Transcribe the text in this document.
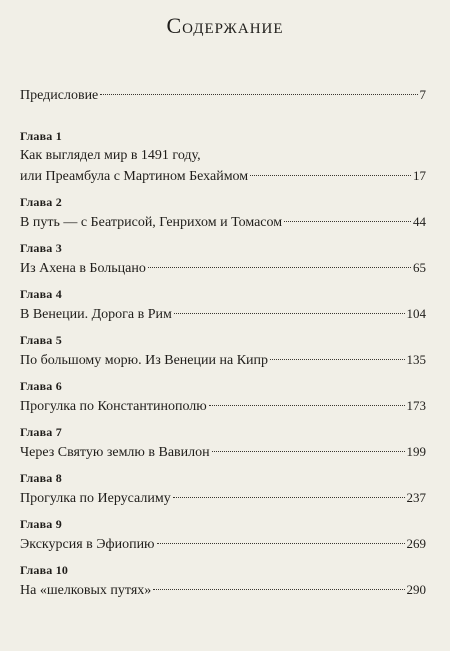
Содержание
Предисловие	7
Глава 1
Как выглядел мир в 1491 году,
или Преамбула с Мартином Бехаймом	17
Глава 2
В путь — с Беатрисой, Генрихом и Томасом	44
Глава 3
Из Ахена в Больцано	65
Глава 4
В Венеции. Дорога в Рим	104
Глава 5
По большому морю. Из Венеции на Кипр	135
Глава 6
Прогулка по Константинополю	173
Глава 7
Через Святую землю в Вавилон	199
Глава 8
Прогулка по Иерусалиму	237
Глава 9
Экскурсия в Эфиопию	269
Глава 10
На «шелковых путях»	290
